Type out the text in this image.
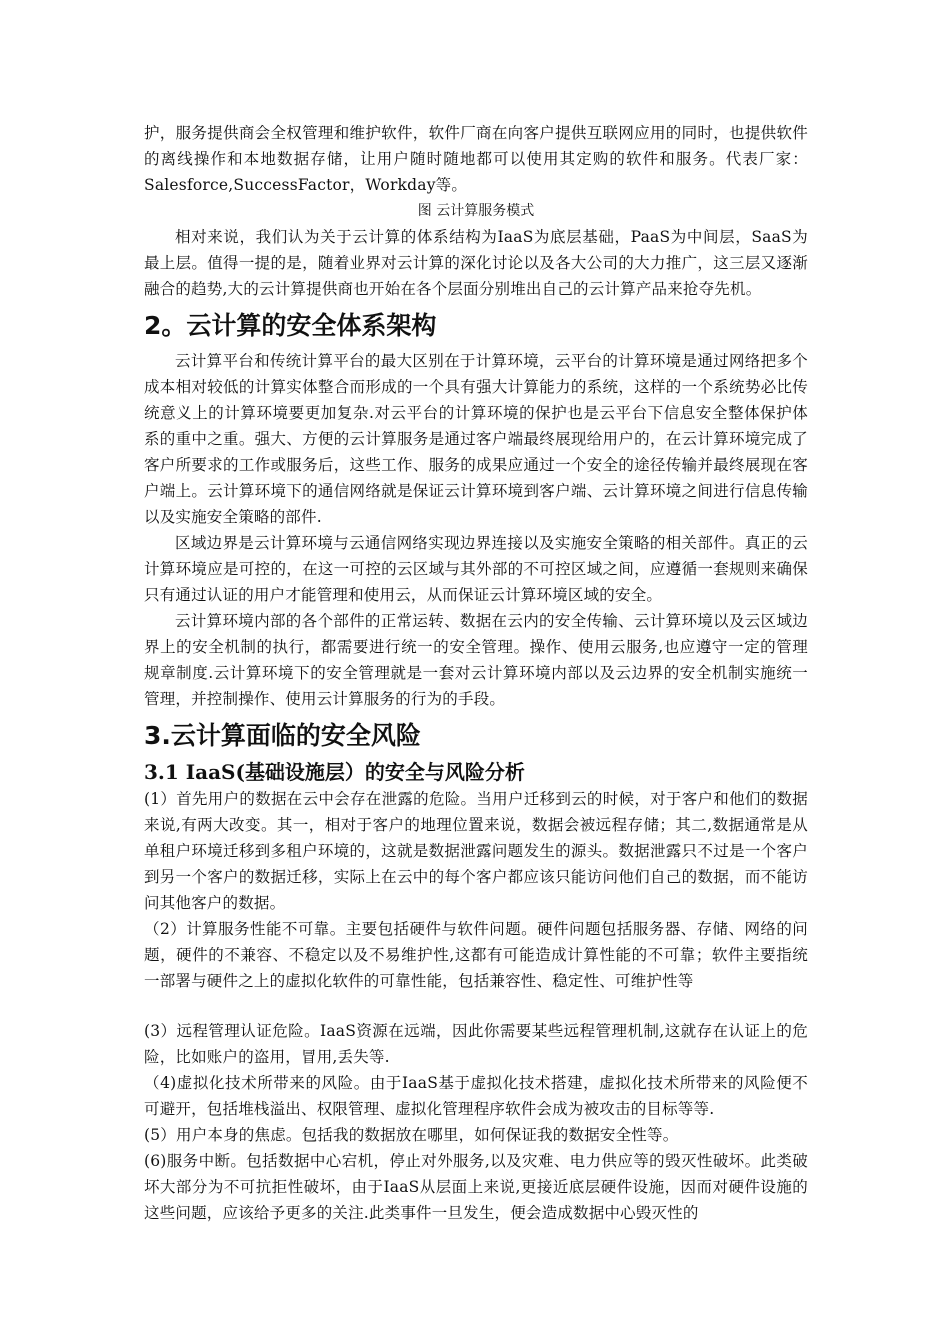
护，服务提供商会全权管理和维护软件，软件厂商在向客户提供互联网应用的同时，也提供软件的离线操作和本地数据存储，让用户随时随地都可以使用其定购的软件和服务。代表厂家：Salesforce,SuccessFactor，Workday等。

图 云计算服务模式

相对来说，我们认为关于云计算的体系结构为IaaS为底层基础，PaaS为中间层，SaaS为最上层。值得一提的是，随着业界对云计算的深化讨论以及各大公司的大力推广，这三层又逐渐融合的趋势,大的云计算提供商也开始在各个层面分别堆出自己的云计算产品来抢夺先机。

2。云计算的安全体系架构

云计算平台和传统计算平台的最大区别在于计算环境，云平台的计算环境是通过网络把多个成本相对较低的计算实体整合而形成的一个具有强大计算能力的系统，这样的一个系统势必比传统意义上的计算环境要更加复杂.对云平台的计算环境的保护也是云平台下信息安全整体保护体系的重中之重。强大、方便的云计算服务是通过客户端最终展现给用户的，在云计算环境完成了客户所要求的工作或服务后，这些工作、服务的成果应通过一个安全的途径传输并最终展现在客户端上。云计算环境下的通信网络就是保证云计算环境到客户端、云计算环境之间进行信息传输以及实施安全策略的部件.

区域边界是云计算环境与云通信网络实现边界连接以及实施安全策略的相关部件。真正的云计算环境应是可控的，在这一可控的云区域与其外部的不可控区域之间，应遵循一套规则来确保只有通过认证的用户才能管理和使用云，从而保证云计算环境区域的安全。

云计算环境内部的各个部件的正常运转、数据在云内的安全传输、云计算环境以及云区域边界上的安全机制的执行，都需要进行统一的安全管理。操作、使用云服务,也应遵守一定的管理规章制度.云计算环境下的安全管理就是一套对云计算环境内部以及云边界的安全机制实施统一管理，并控制操作、使用云计算服务的行为的手段。

3.云计算面临的安全风险
3.1 IaaS(基础设施层）的安全与风险分析

(1）首先用户的数据在云中会存在泄露的危险。当用户迁移到云的时候，对于客户和他们的数据来说,有两大改变。其一，相对于客户的地理位置来说，数据会被远程存储；其二,数据通常是从单租户环境迁移到多租户环境的，这就是数据泄露问题发生的源头。数据泄露只不过是一个客户到另一个客户的数据迁移，实际上在云中的每个客户都应该只能访问他们自己的数据，而不能访问其他客户的数据。

（2）计算服务性能不可靠。主要包括硬件与软件问题。硬件问题包括服务器、存储、网络的问题，硬件的不兼容、不稳定以及不易维护性,这都有可能造成计算性能的不可靠；软件主要指统一部署与硬件之上的虚拟化软件的可靠性能，包括兼容性、稳定性、可维护性等

(3）远程管理认证危险。IaaS资源在远端，因此你需要某些远程管理机制,这就存在认证上的危险，比如账户的盗用，冒用,丢失等.

（4)虚拟化技术所带来的风险。由于IaaS基于虚拟化技术搭建，虚拟化技术所带来的风险便不可避开，包括堆栈溢出、权限管理、虚拟化管理程序软件会成为被攻击的目标等等.

(5）用户本身的焦虑。包括我的数据放在哪里，如何保证我的数据安全性等。

(6)服务中断。包括数据中心宕机，停止对外服务,以及灾难、电力供应等的毁灭性破坏。此类破坏大部分为不可抗拒性破坏，由于IaaS从层面上来说,更接近底层硬件设施，因而对硬件设施的这些问题，应该给予更多的关注.此类事件一旦发生，便会造成数据中心毁灭性的
